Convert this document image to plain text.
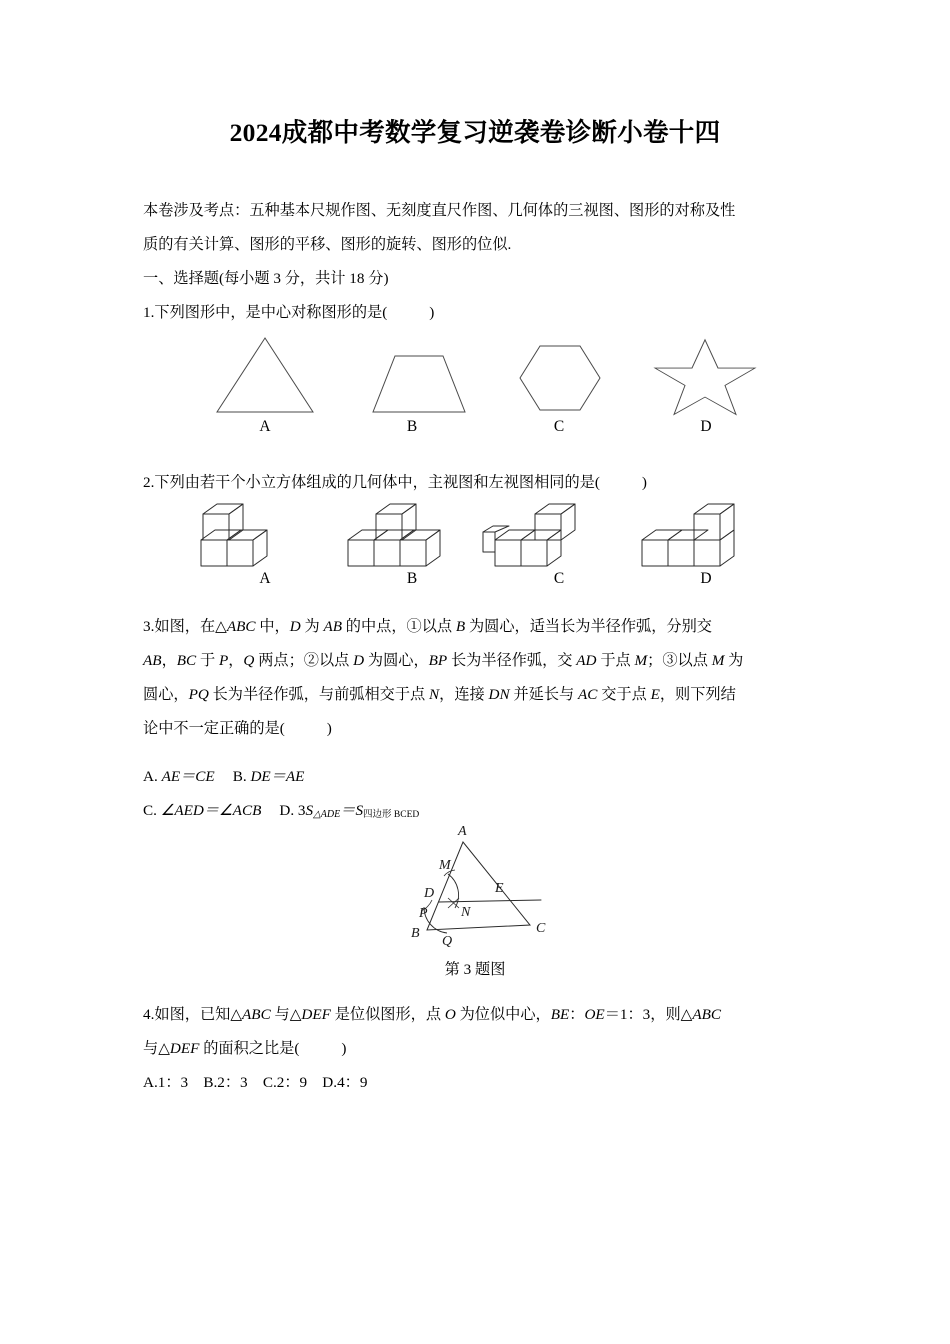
2024成都中考数学复习逆袭卷诊断小卷十四
本卷涉及考点：五种基本尺规作图、无刻度直尺作图、几何体的三视图、图形的对称及性
质的有关计算、图形的平移、图形的旋转、图形的位似.
一、选择题(每小题 3 分，共计 18 分)
1.下列图形中，是中心对称图形的是(	)
A	B	C	D
2.下列由若干个小立方体组成的几何体中，主视图和左视图相同的是(	)
A	B	C	D
3.如图，在△ABC 中，D 为 AB 的中点，①以点 B 为圆心，适当长为半径作弧，分别交
AB，BC 于 P，Q 两点；②以点 D 为圆心，BP 长为半径作弧，交 AD 于点 M；③以点 M 为
圆心，PQ 长为半径作弧，与前弧相交于点 N，连接 DN 并延长与 AC 交于点 E，则下列结
论中不一定正确的是(	)
A. AE＝CE B. DE＝AE
C. ∠AED＝∠ACB D. 3S△ADE＝S四边形 BCED
A
M
D
P
B
Q
N
E
C
第 3 题图
4.如图，已知△ABC 与△DEF 是位似图形，点 O 为位似中心，BE：OE＝1：3，则△ABC
与△DEF 的面积之比是(	)
A.1：3　B.2：3　C.2：9　D.4：9
